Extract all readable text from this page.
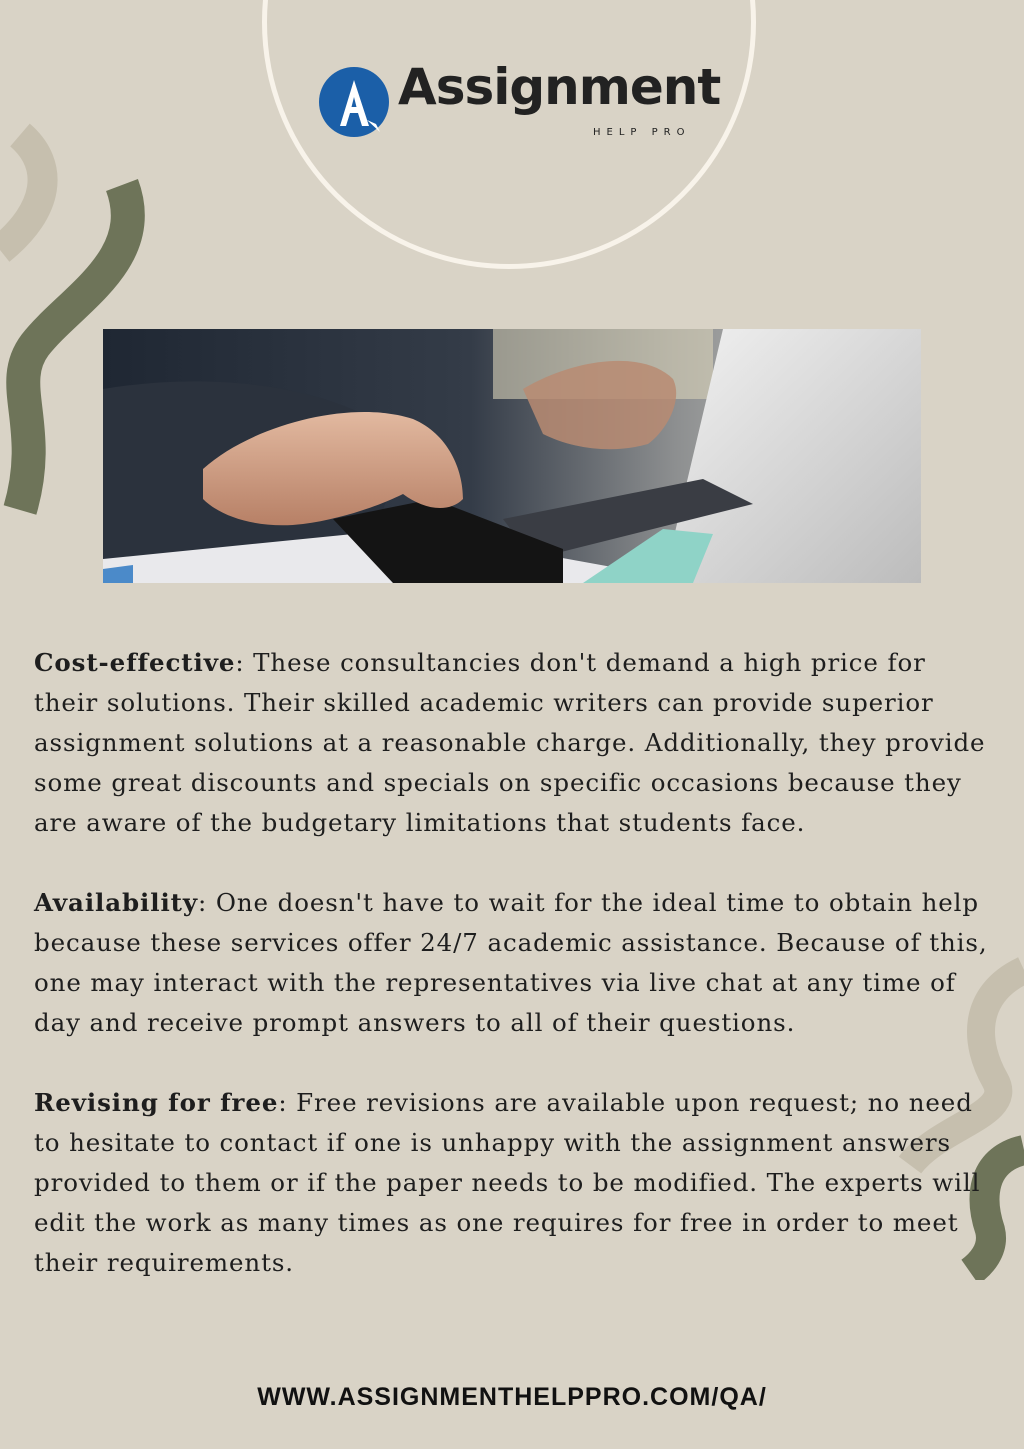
Assignment
HELP PRO

Cost-effective: These consultancies don't demand a high price for their solutions. Their skilled academic writers can provide superior assignment solutions at a reasonable charge. Additionally, they provide some great discounts and specials on specific occasions because they are aware of the budgetary limitations that students face.

Availability: One doesn't have to wait for the ideal time to obtain help because these services offer 24/7 academic assistance. Because of this, one may interact with the representatives via live chat at any time of day and receive prompt answers to all of their questions.

Revising for free: Free revisions are available upon request; no need to hesitate to contact if one is unhappy with the assignment answers provided to them or if the paper needs to be modified. The experts will edit the work as many times as one requires for free in order to meet their requirements.

WWW.ASSIGNMENTHELPPRO.COM/QA/
